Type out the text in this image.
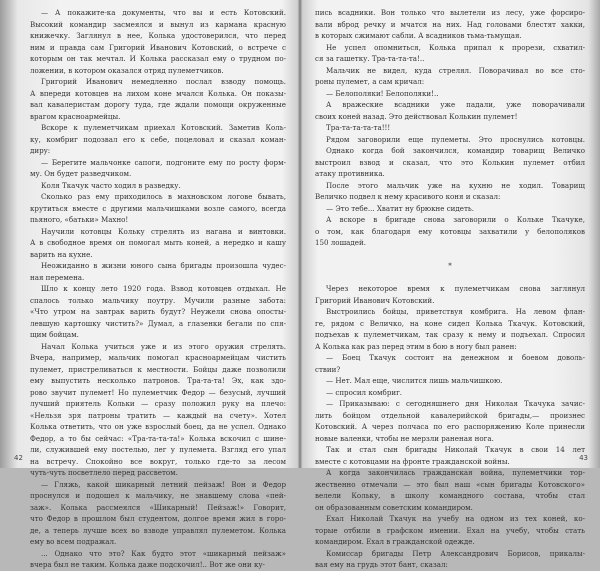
— А покажите-ка документы, что вы и есть Котовский.
Высокий командир засмеялся и вынул из кармана красную
книжечку. Заглянул в нее, Колька удостоверился, что перед
ним и правда сам Григорий Иванович Котовский, о встрече с
которым он так мечтал. И Колька рассказал ему о трудном по-
ложении, в котором оказался отряд пулеметчиков.
Григорий Иванович немедленно послал взводу помощь.
А впереди котовцев на лихом коне мчался Колька. Он показы-
вал кавалеристам дорогу туда, где ждали помощи окруженные
врагом красноармейцы.
Вскоре к пулеметчикам приехал Котовский. Заметив Коль-
ку, комбриг подозвал его к себе, поцеловал и сказал коман-
диру:
— Берегите мальчонке сапоги, подгоните ему по росту форм-
му. Он будет разведчиком.
Коля Ткачук часто ходил в разведку.
Сколько раз ему приходилось в махновском логове бывать,
крутиться вместе с другими мальчишками возле самого, всегда
пьяного, «батьки» Махно!
Научили котовцы Кольку стрелять из нагана и винтовки.
А в свободное время он помогал мыть коней, а нередко и кашу
варить на кухне.
Неожиданно в жизни юного сына бригады произошла чудес-
ная перемена.
Шло к концу лето 1920 года. Взвод котовцев отдыхал. Не
спалось только мальчику поутру. Мучили разные забота:
«Что утром на завтрак варить будут? Неужели снова опосты-
левшую картошку чистить?» Думал, а глазенки бегали по спя-
щим бойцам.
Начал Колька учиться уже и из этого оружия стрелять.
Вчера, например, мальчик помогал красноармейцам чистить
пулемет, пристреливаться к местности. Бойцы даже позволили
ему выпустить несколько патронов. Тра-та-та! Эх, как здо-
рово звучит пулемет! Но пулеметчик Федор — безусый, лучший
лучший приятель Кольки — сразу положил руку на плечо:
«Нельзя зря патроны тратить — каждый на счету». Хотел
Колька ответить, что он уже взрослый боец, да не успел. Однако
Федор, а то бы сейчас: «Тра-та-та-та!» Колька вскочил с шине-
ли, служившей ему постелью, лег у пулемета. Взгляд его упал
на встречу. Спокойно все вокруг, только где-то за лесом
чуть-чуть посветлело перед рассветом.
— Гляжь, какой шикарный летний пейзаж! Вон и Федор
проснулся и подошел к мальчику, не знавшему слова «пей-
заж». Колька рассмеялся «Шикарный! Пейзаж!» Говорит,
что Федор в прошлом был студентом, долгое время жил в горо-
де, а теперь лучше всех во взводе управлял пулеметом. Колька
ему во всем подражал.
... Однако что это? Как будто этот «шикарный пейзаж»
вчера был не таким. Колька даже подскочил!.. Вот же они ку-
42
пись всадники. Вон только что вылетели из лесу, уже форсиро-
вали вброд речку и мчатся на них. Над головами блестят хакки,
в которых сжимают сабли. А всадников тьма-тьмущая.
Не успел опомниться, Колька припал к прорези, схватил-
ся за гашетку. Тра-та-та-та!..
Мальчик не видел, куда стрелял. Поворачивал во все сто-
роны пулемет, а сам кричал:
— Белополяки! Белополяки!..
А вражеские всадники уже падали, уже поворачивали
своих коней назад. Это действовал Колькин пулемет!
Тра-та-та-та-та!!!
Рядом заговорили еще пулеметы. Это проснулись котовцы.
Однако когда бой закончился, командир товарищ Величко
выстроил взвод и сказал, что это Колькин пулемет отбил
атаку противника.
После этого мальчик уже на кухню не ходил. Товарищ
Величко подвел к нему красивого коня и сказал:
— Это тебе... Хватит ну брюкне сидеть.
А вскоре в бригаде снова заговорили о Кольке Ткачуке,
о том, как благодаря ему котовцы захватили у белополяков
150 лошадей.
*
Через некоторое время к пулеметчикам снова заглянул
Григорий Иванович Котовский.
Выстроились бойцы, приветствуя комбрига. На левом флан-
ге, рядом с Величко, на коне сидел Колька Ткачук. Котовский,
подъехав к пулеметчикам, так сразу к нему и подъехал. Спросил
А Колька как раз перед этим в бою в ногу был ранен:
— Боец Ткачук состоит на денежном и боевом доволь-
ствии?
— Нет. Мал еще, числится лишь мальчишкою.
— спросил комбриг.
— Приказываю: с сегодняшнего дня Николая Ткачука зачис-
лить бойцом отдельной кавалерийской бригады,— произнес
Котовский. А через полчаса по его распоряжению Коле принесли
новые валенки, чтобы не мерзли раненая нога.
Так и стал сын бригады Николай Ткачук в свои 14 лет
вместе с котовцами на фронте гражданской войны.
А когда закончилась гражданская война, пулеметчики тор-
жественно отмечали — это был наш «сын бригады Котовского»
велели Кольку, в школу командного состава, чтобы стал
он образованным советским командиром.
Ехал Николай Ткачук на учебу на одном из тех коней, ко-
торые отбили в графском имении. Ехал на учебу, чтобы стать
командиром. Ехал в гражданской одежде.
Комиссар бригады Петр Александрович Борисов, прикалы-
вая ему на грудь этот бант, сказал:
43
